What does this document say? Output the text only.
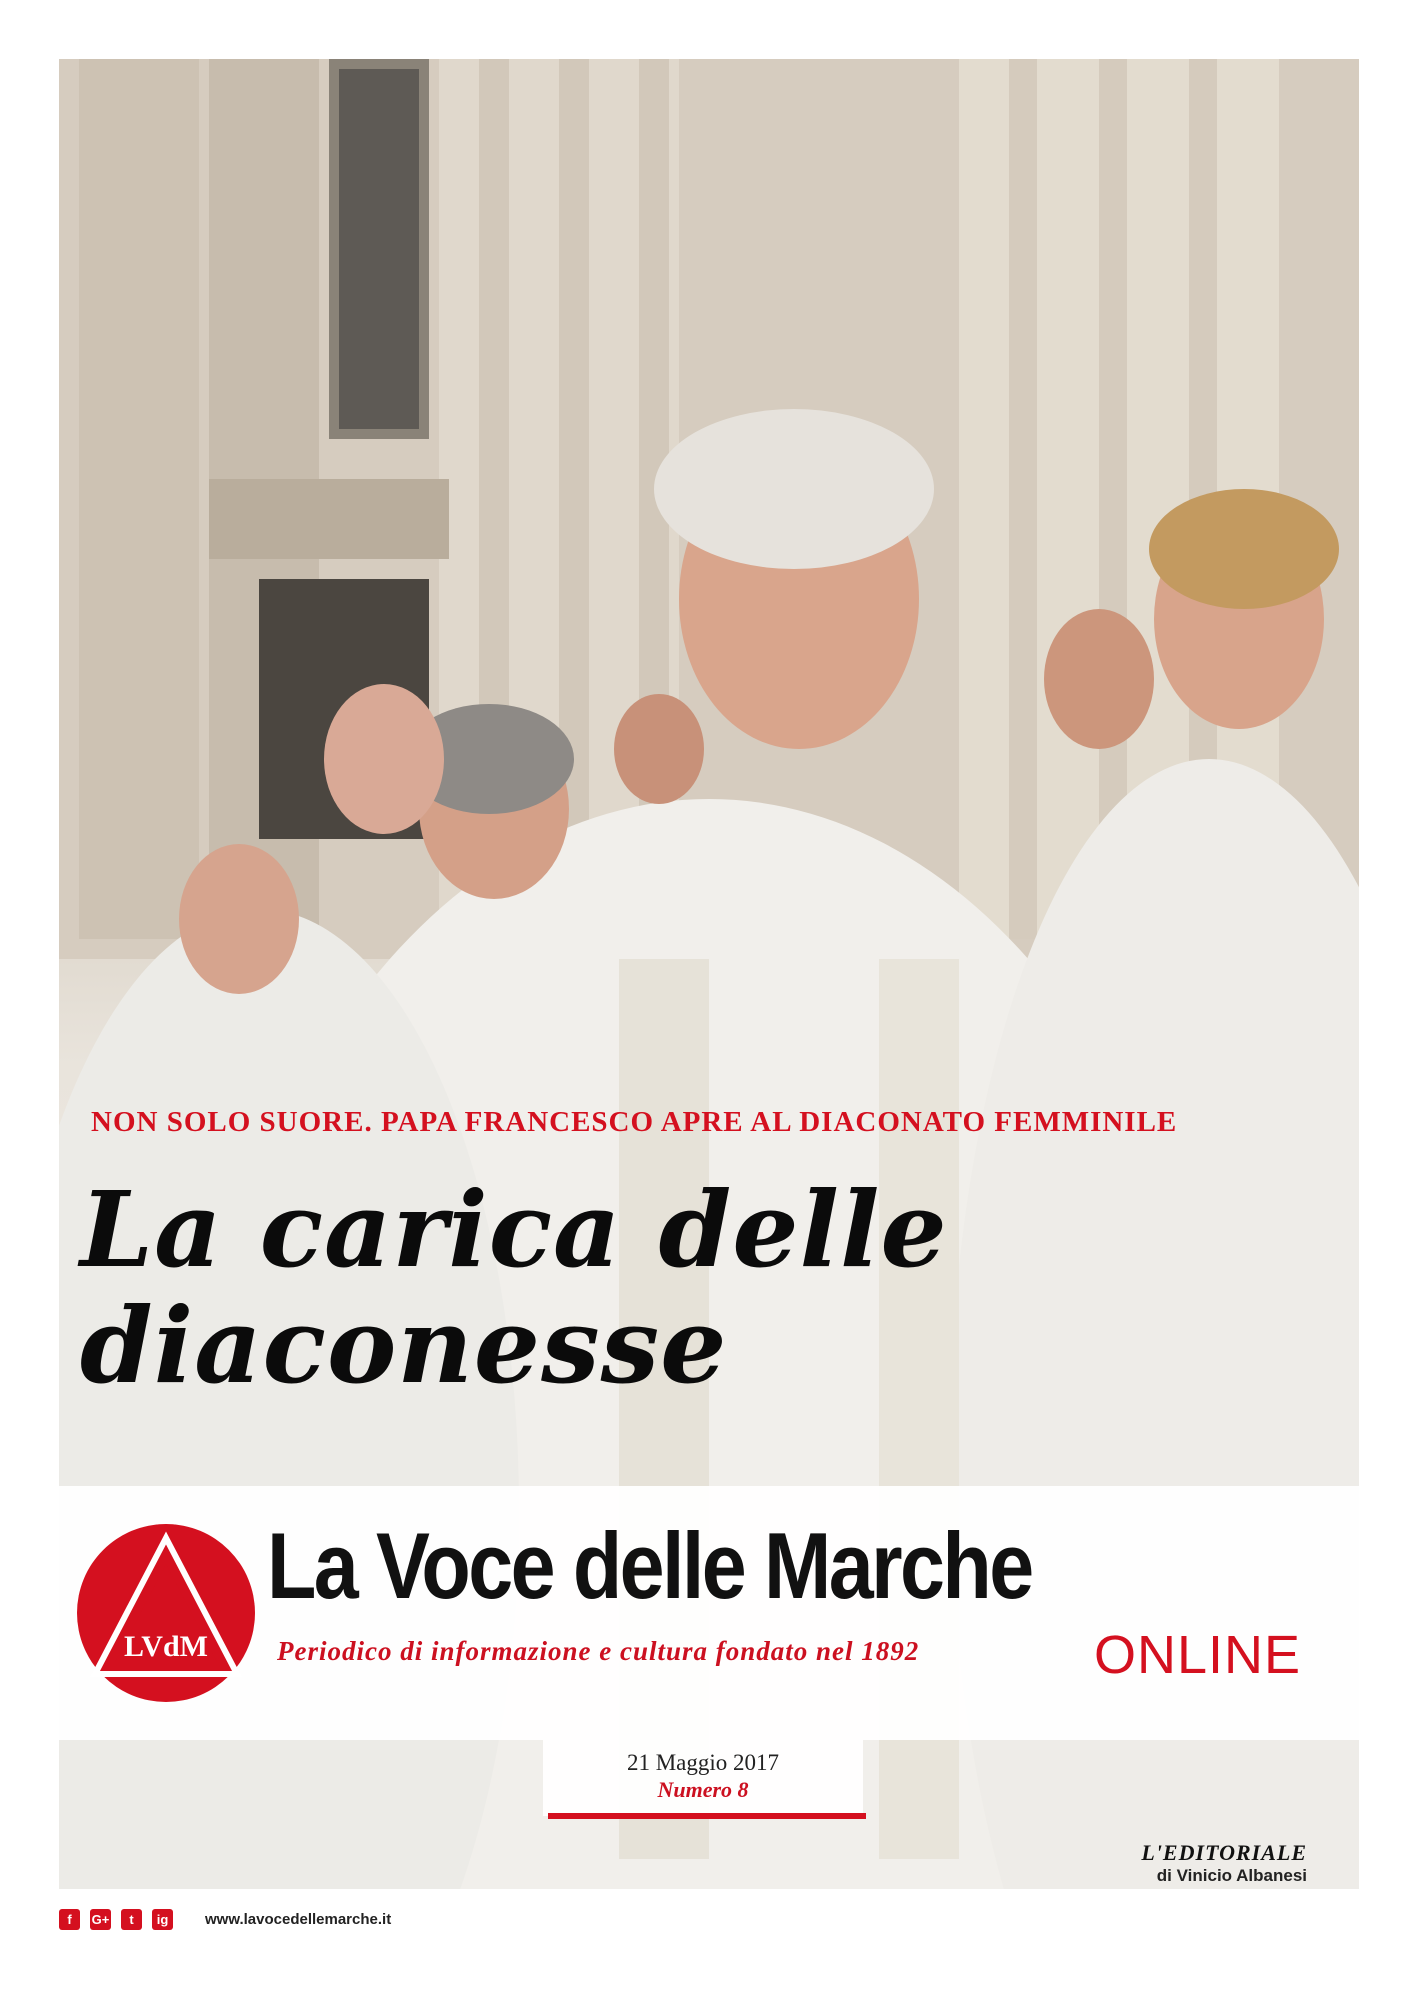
NON SOLO SUORE. PAPA FRANCESCO APRE AL DIACONATO FEMMINILE
La carica delle
diaconesse
LVdM
La Voce delle Marche
Periodico di informazione e cultura fondato nel 1892	ONLINE
21 Maggio 2017
Numero 8
L'EDITORIALE
di Vinicio Albanesi
f	G+	t	ig	www.lavocedellemarche.it
